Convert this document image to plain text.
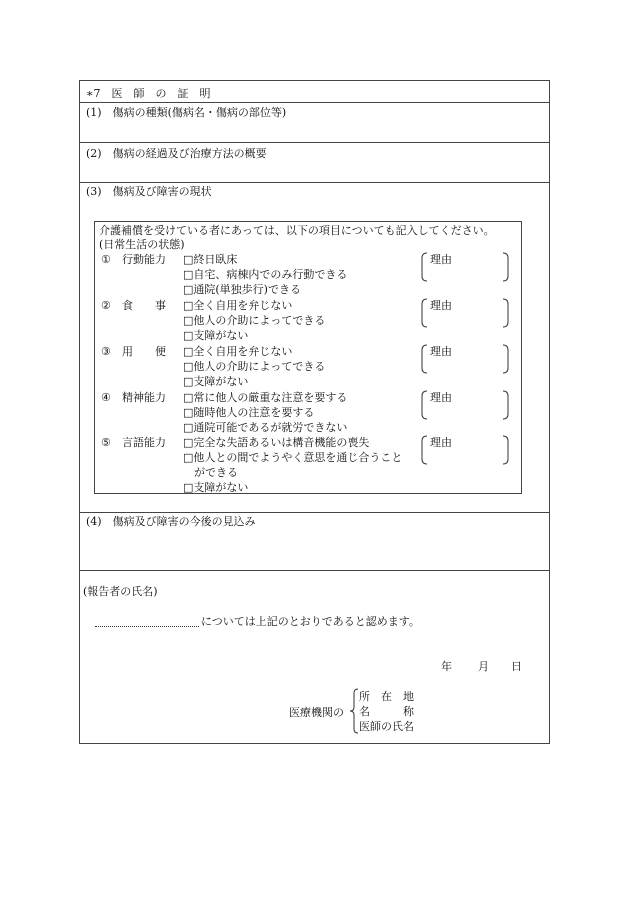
∗7　医　師　の　証　明
(1)　傷病の種類(傷病名・傷病の部位等)
(2)　傷病の経過及び治療方法の概要
(3)　傷病及び障害の現状
介護補償を受けている者にあっては、以下の項目についても記入してください。
(日常生活の状態)
① 行動能力 □終日臥床
□自宅、病棟内でのみ行動できる
□通院(単独歩行)できる
理由
② 食　　事 □全く自用を弁じない
□他人の介助によってできる
□支障がない
理由
③ 用　　便 □全く自用を弁じない
□他人の介助によってできる
□支障がない
理由
④ 精神能力 □常に他人の厳重な注意を要する
□随時他人の注意を要する
□通院可能であるが就労できない
理由
⑤ 言語能力 □完全な失語あるいは構音機能の喪失
□他人との間でようやく意思を通じ合うこと
　ができる
□支障がない
理由
(4)　傷病及び障害の今後の見込み
(報告者の氏名)
については上記のとおりであると認めます。
年 月 日
医療機関の
所　在　地
名　　　称
医師の氏名
